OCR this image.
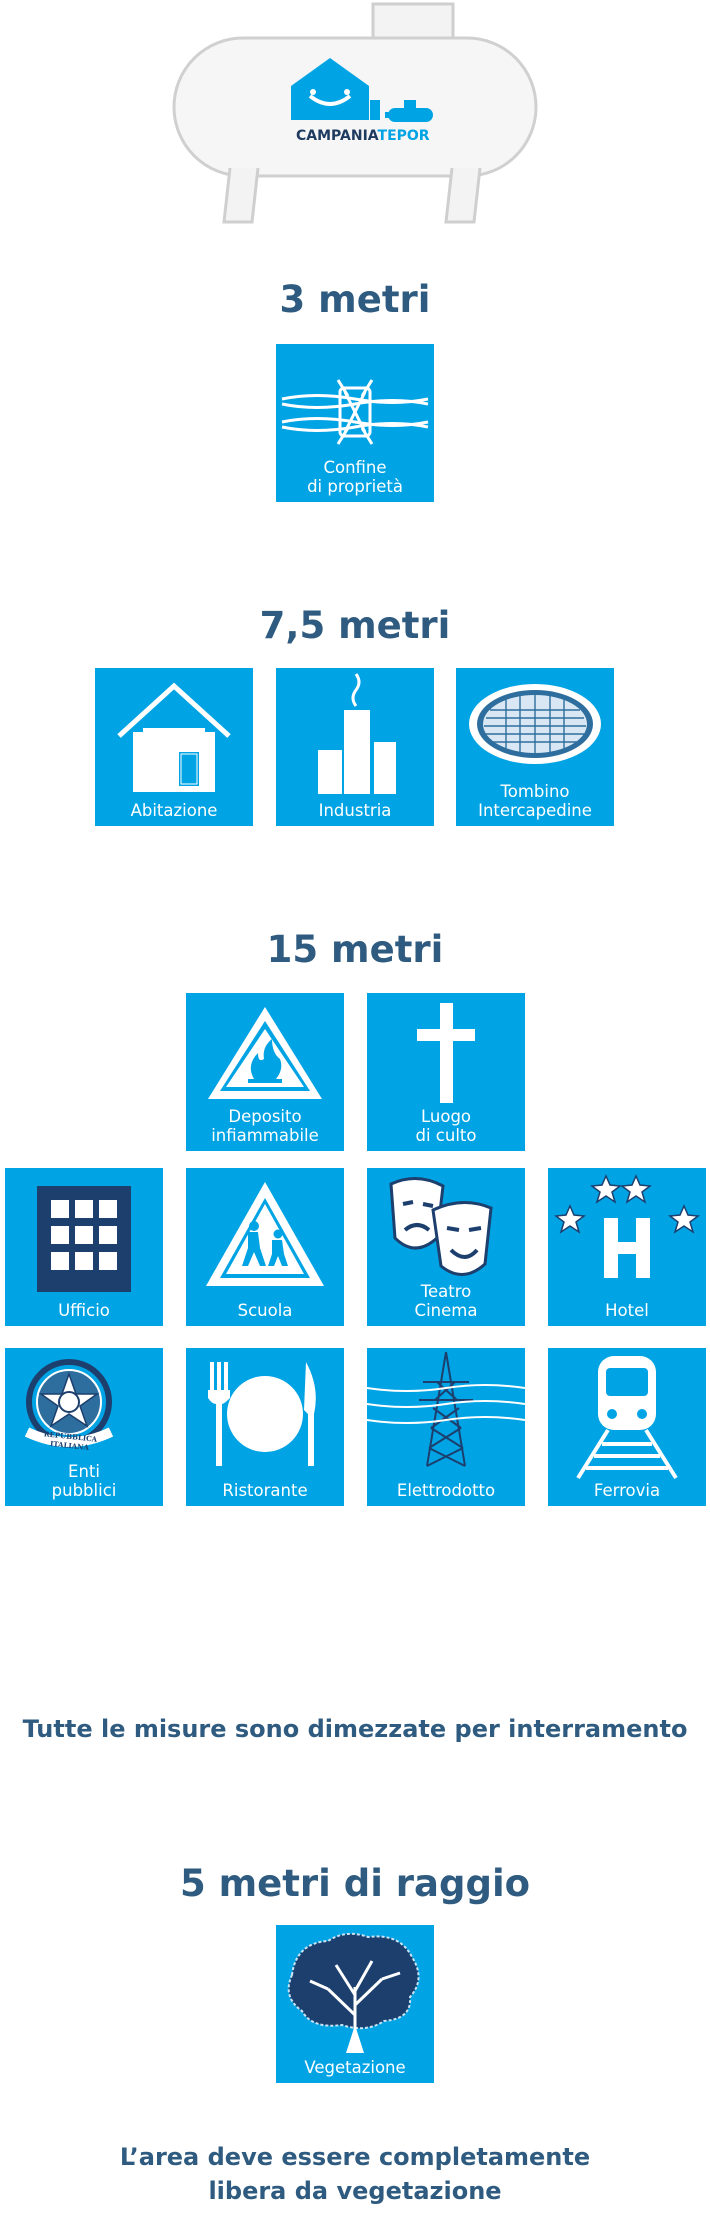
CAMPANIATEPOR
3 metri
Confine
di proprietà
7,5 metri
Abitazione	Industria
Tombino
Intercapedine
15 metri
Deposito
infiammabile
Luogo
di culto
Ufficio	Scuola
Teatro
Cinema	Hotel
REPUBBLICA ITALIANA
Enti
pubblici	Ristorante	Elettrodotto	Ferrovia
Tutte le misure sono dimezzate per interramento
5 metri di raggio
Vegetazione
L’area deve essere completamente
libera da vegetazione
